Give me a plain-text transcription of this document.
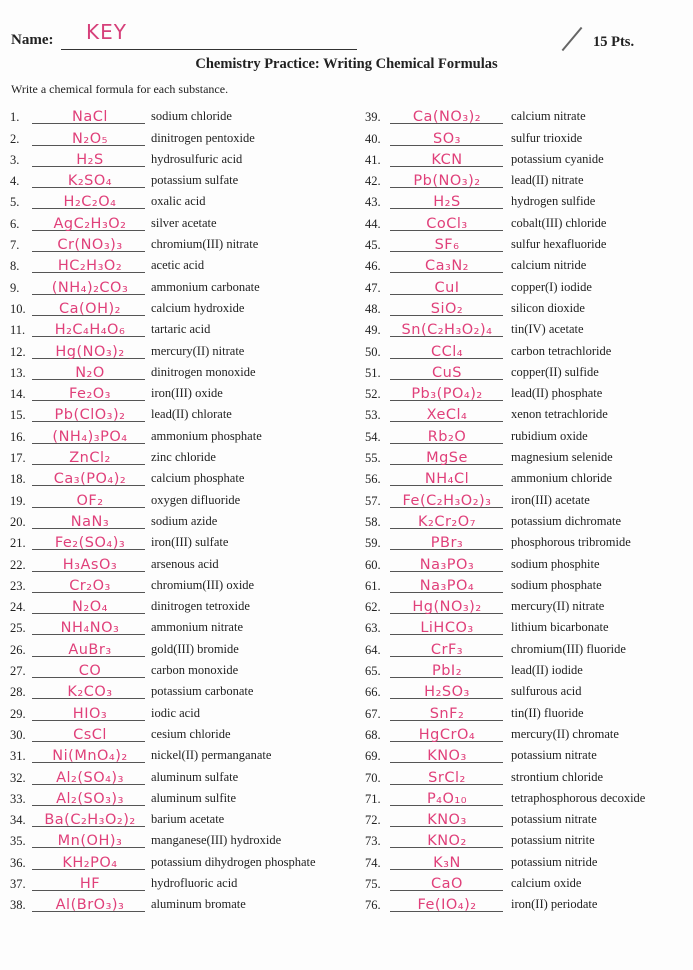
Name: KEY	15 Pts.
Chemistry Practice: Writing Chemical Formulas
Write a chemical formula for each substance.
1.	NaCl	sodium chloride
2.	N₂O₅	dinitrogen pentoxide
3.	H₂S	hydrosulfuric acid
4.	K₂SO₄	potassium sulfate
5.	H₂C₂O₄	oxalic acid
6.	AgC₂H₃O₂	silver acetate
7.	Cr(NO₃)₃	chromium(III) nitrate
8.	HC₂H₃O₂	acetic acid
9.	(NH₄)₂CO₃	ammonium carbonate
10.	Ca(OH)₂	calcium hydroxide
11.	H₂C₄H₄O₆	tartaric acid
12.	Hg(NO₃)₂	mercury(II) nitrate
13.	N₂O	dinitrogen monoxide
14.	Fe₂O₃	iron(III) oxide
15.	Pb(ClO₃)₂	lead(II) chlorate
16.	(NH₄)₃PO₄	ammonium phosphate
17.	ZnCl₂	zinc chloride
18.	Ca₃(PO₄)₂	calcium phosphate
19.	OF₂	oxygen difluoride
20.	NaN₃	sodium azide
21.	Fe₂(SO₄)₃	iron(III) sulfate
22.	H₃AsO₃	arsenous acid
23.	Cr₂O₃	chromium(III) oxide
24.	N₂O₄	dinitrogen tetroxide
25.	NH₄NO₃	ammonium nitrate
26.	AuBr₃	gold(III) bromide
27.	CO	carbon monoxide
28.	K₂CO₃	potassium carbonate
29.	HIO₃	iodic acid
30.	CsCl	cesium chloride
31.	Ni(MnO₄)₂	nickel(II) permanganate
32.	Al₂(SO₄)₃	aluminum sulfate
33.	Al₂(SO₃)₃	aluminum sulfite
34.	Ba(C₂H₃O₂)₂	barium acetate
35.	Mn(OH)₃	manganese(III) hydroxide
36.	KH₂PO₄	potassium dihydrogen phosphate
37.	HF	hydrofluoric acid
38.	Al(BrO₃)₃	aluminum bromate
39.	Ca(NO₃)₂	calcium nitrate
40.	SO₃	sulfur trioxide
41.	KCN	potassium cyanide
42.	Pb(NO₃)₂	lead(II) nitrate
43.	H₂S	hydrogen sulfide
44.	CoCl₃	cobalt(III) chloride
45.	SF₆	sulfur hexafluoride
46.	Ca₃N₂	calcium nitride
47.	CuI	copper(I) iodide
48.	SiO₂	silicon dioxide
49.	Sn(C₂H₃O₂)₄	tin(IV) acetate
50.	CCl₄	carbon tetrachloride
51.	CuS	copper(II) sulfide
52.	Pb₃(PO₄)₂	lead(II) phosphate
53.	XeCl₄	xenon tetrachloride
54.	Rb₂O	rubidium oxide
55.	MgSe	magnesium selenide
56.	NH₄Cl	ammonium chloride
57.	Fe(C₂H₃O₂)₃	iron(III) acetate
58.	K₂Cr₂O₇	potassium dichromate
59.	PBr₃	phosphorous tribromide
60.	Na₃PO₃	sodium phosphite
61.	Na₃PO₄	sodium phosphate
62.	Hg(NO₃)₂	mercury(II) nitrate
63.	LiHCO₃	lithium bicarbonate
64.	CrF₃	chromium(III) fluoride
65.	PbI₂	lead(II) iodide
66.	H₂SO₃	sulfurous acid
67.	SnF₂	tin(II) fluoride
68.	HgCrO₄	mercury(II) chromate
69.	KNO₃	potassium nitrate
70.	SrCl₂	strontium chloride
71.	P₄O₁₀	tetraphosphorous decoxide
72.	KNO₃	potassium nitrate
73.	KNO₂	potassium nitrite
74.	K₃N	potassium nitride
75.	CaO	calcium oxide
76.	Fe(IO₄)₂	iron(II) periodate
